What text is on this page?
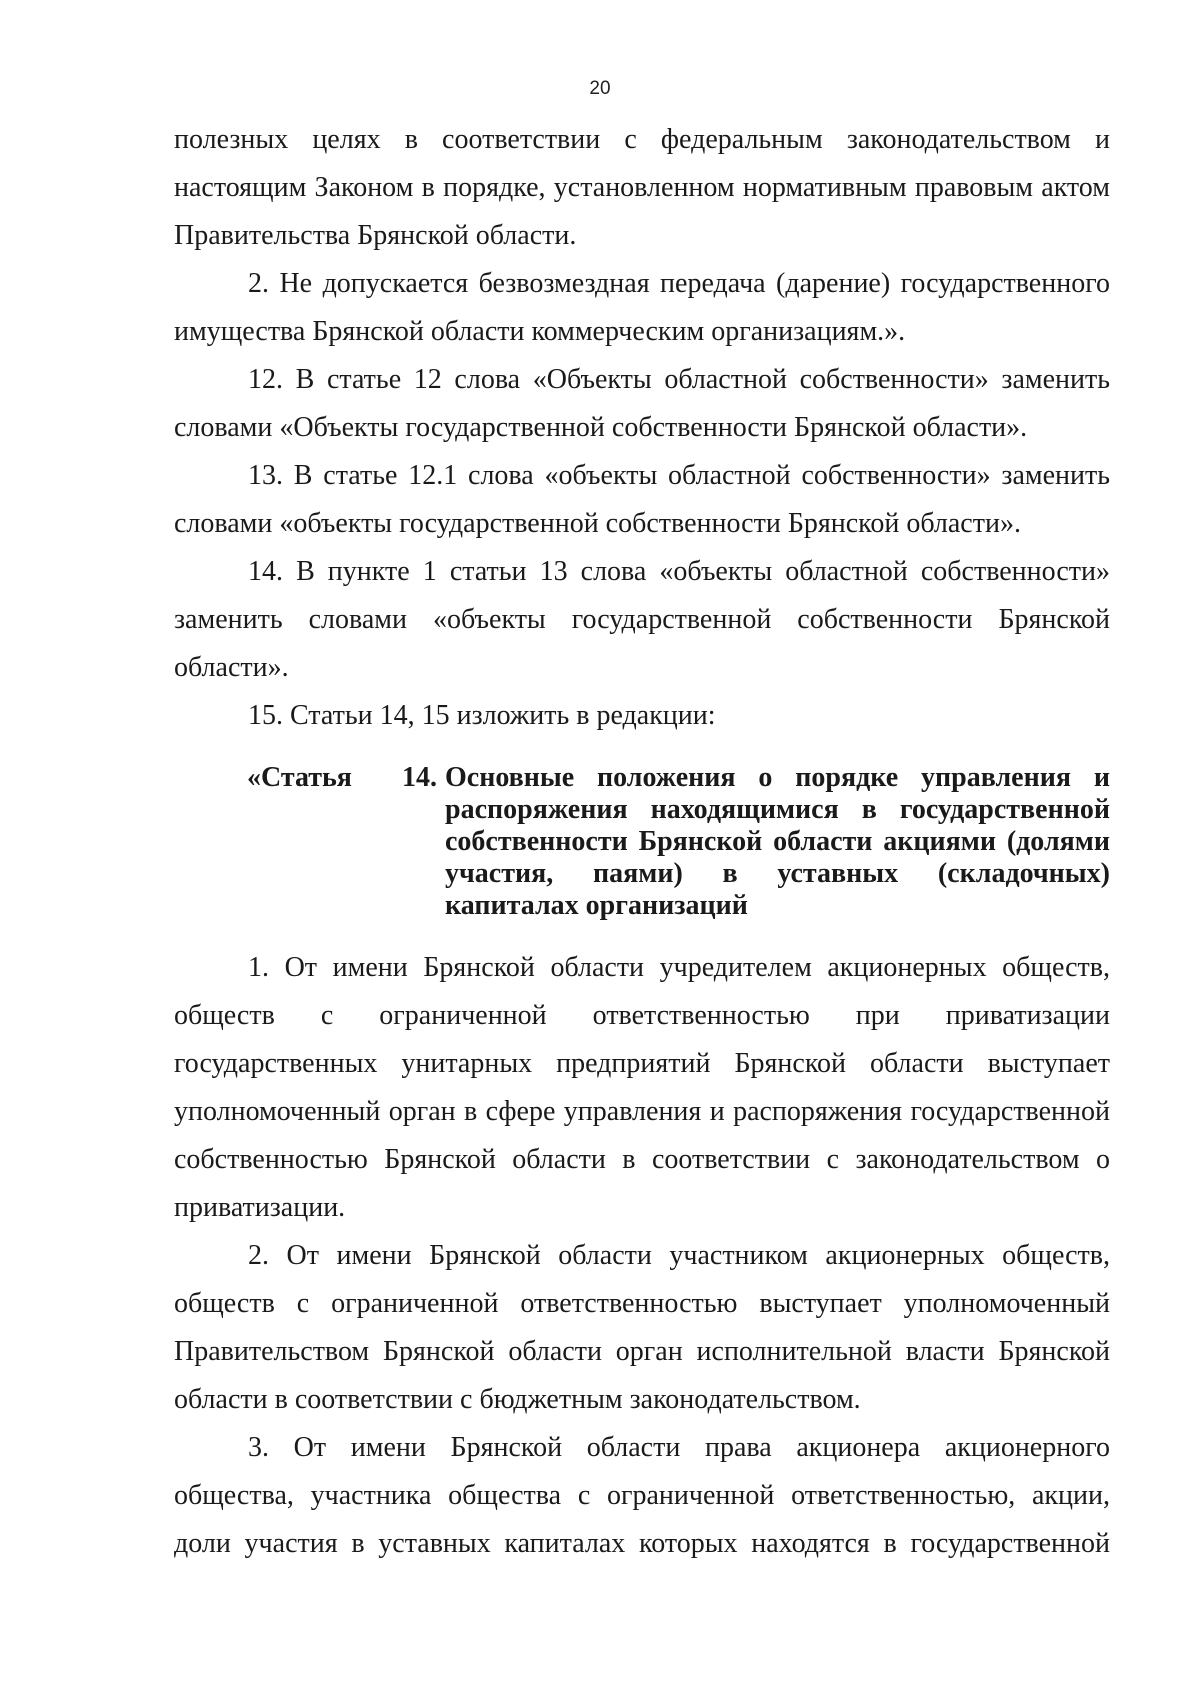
20

полезных целях в соответствии с федеральным законодательством и настоящим Законом в порядке, установленном нормативным правовым актом Правительства Брянской области.

2. Не допускается безвозмездная передача (дарение) государственного имущества Брянской области коммерческим организациям.».

12. В статье 12 слова «Объекты областной собственности» заменить словами «Объекты государственной собственности Брянской области».

13. В статье 12.1 слова «объекты областной собственности» заменить словами «объекты государственной собственности Брянской области».

14. В пункте 1 статьи 13 слова «объекты областной собственности» заменить словами «объекты государственной собственности Брянской области».

15. Статьи 14, 15 изложить в редакции:

«Статья 14. Основные положения о порядке управления и распоряжения находящимися в государственной собственности Брянской области акциями (долями участия, паями) в уставных (складочных) капиталах организаций

1. От имени Брянской области учредителем акционерных обществ, обществ с ограниченной ответственностью при приватизации государственных унитарных предприятий Брянской области выступает уполномоченный орган в сфере управления и распоряжения государственной собственностью Брянской области в соответствии с законодательством о приватизации.

2. От имени Брянской области участником акционерных обществ, обществ с ограниченной ответственностью выступает уполномоченный Правительством Брянской области орган исполнительной власти Брянской области в соответствии с бюджетным законодательством.

3. От имени Брянской области права акционера акционерного общества, участника общества с ограниченной ответственностью, акции, доли участия в уставных капиталах которых находятся в государственной
